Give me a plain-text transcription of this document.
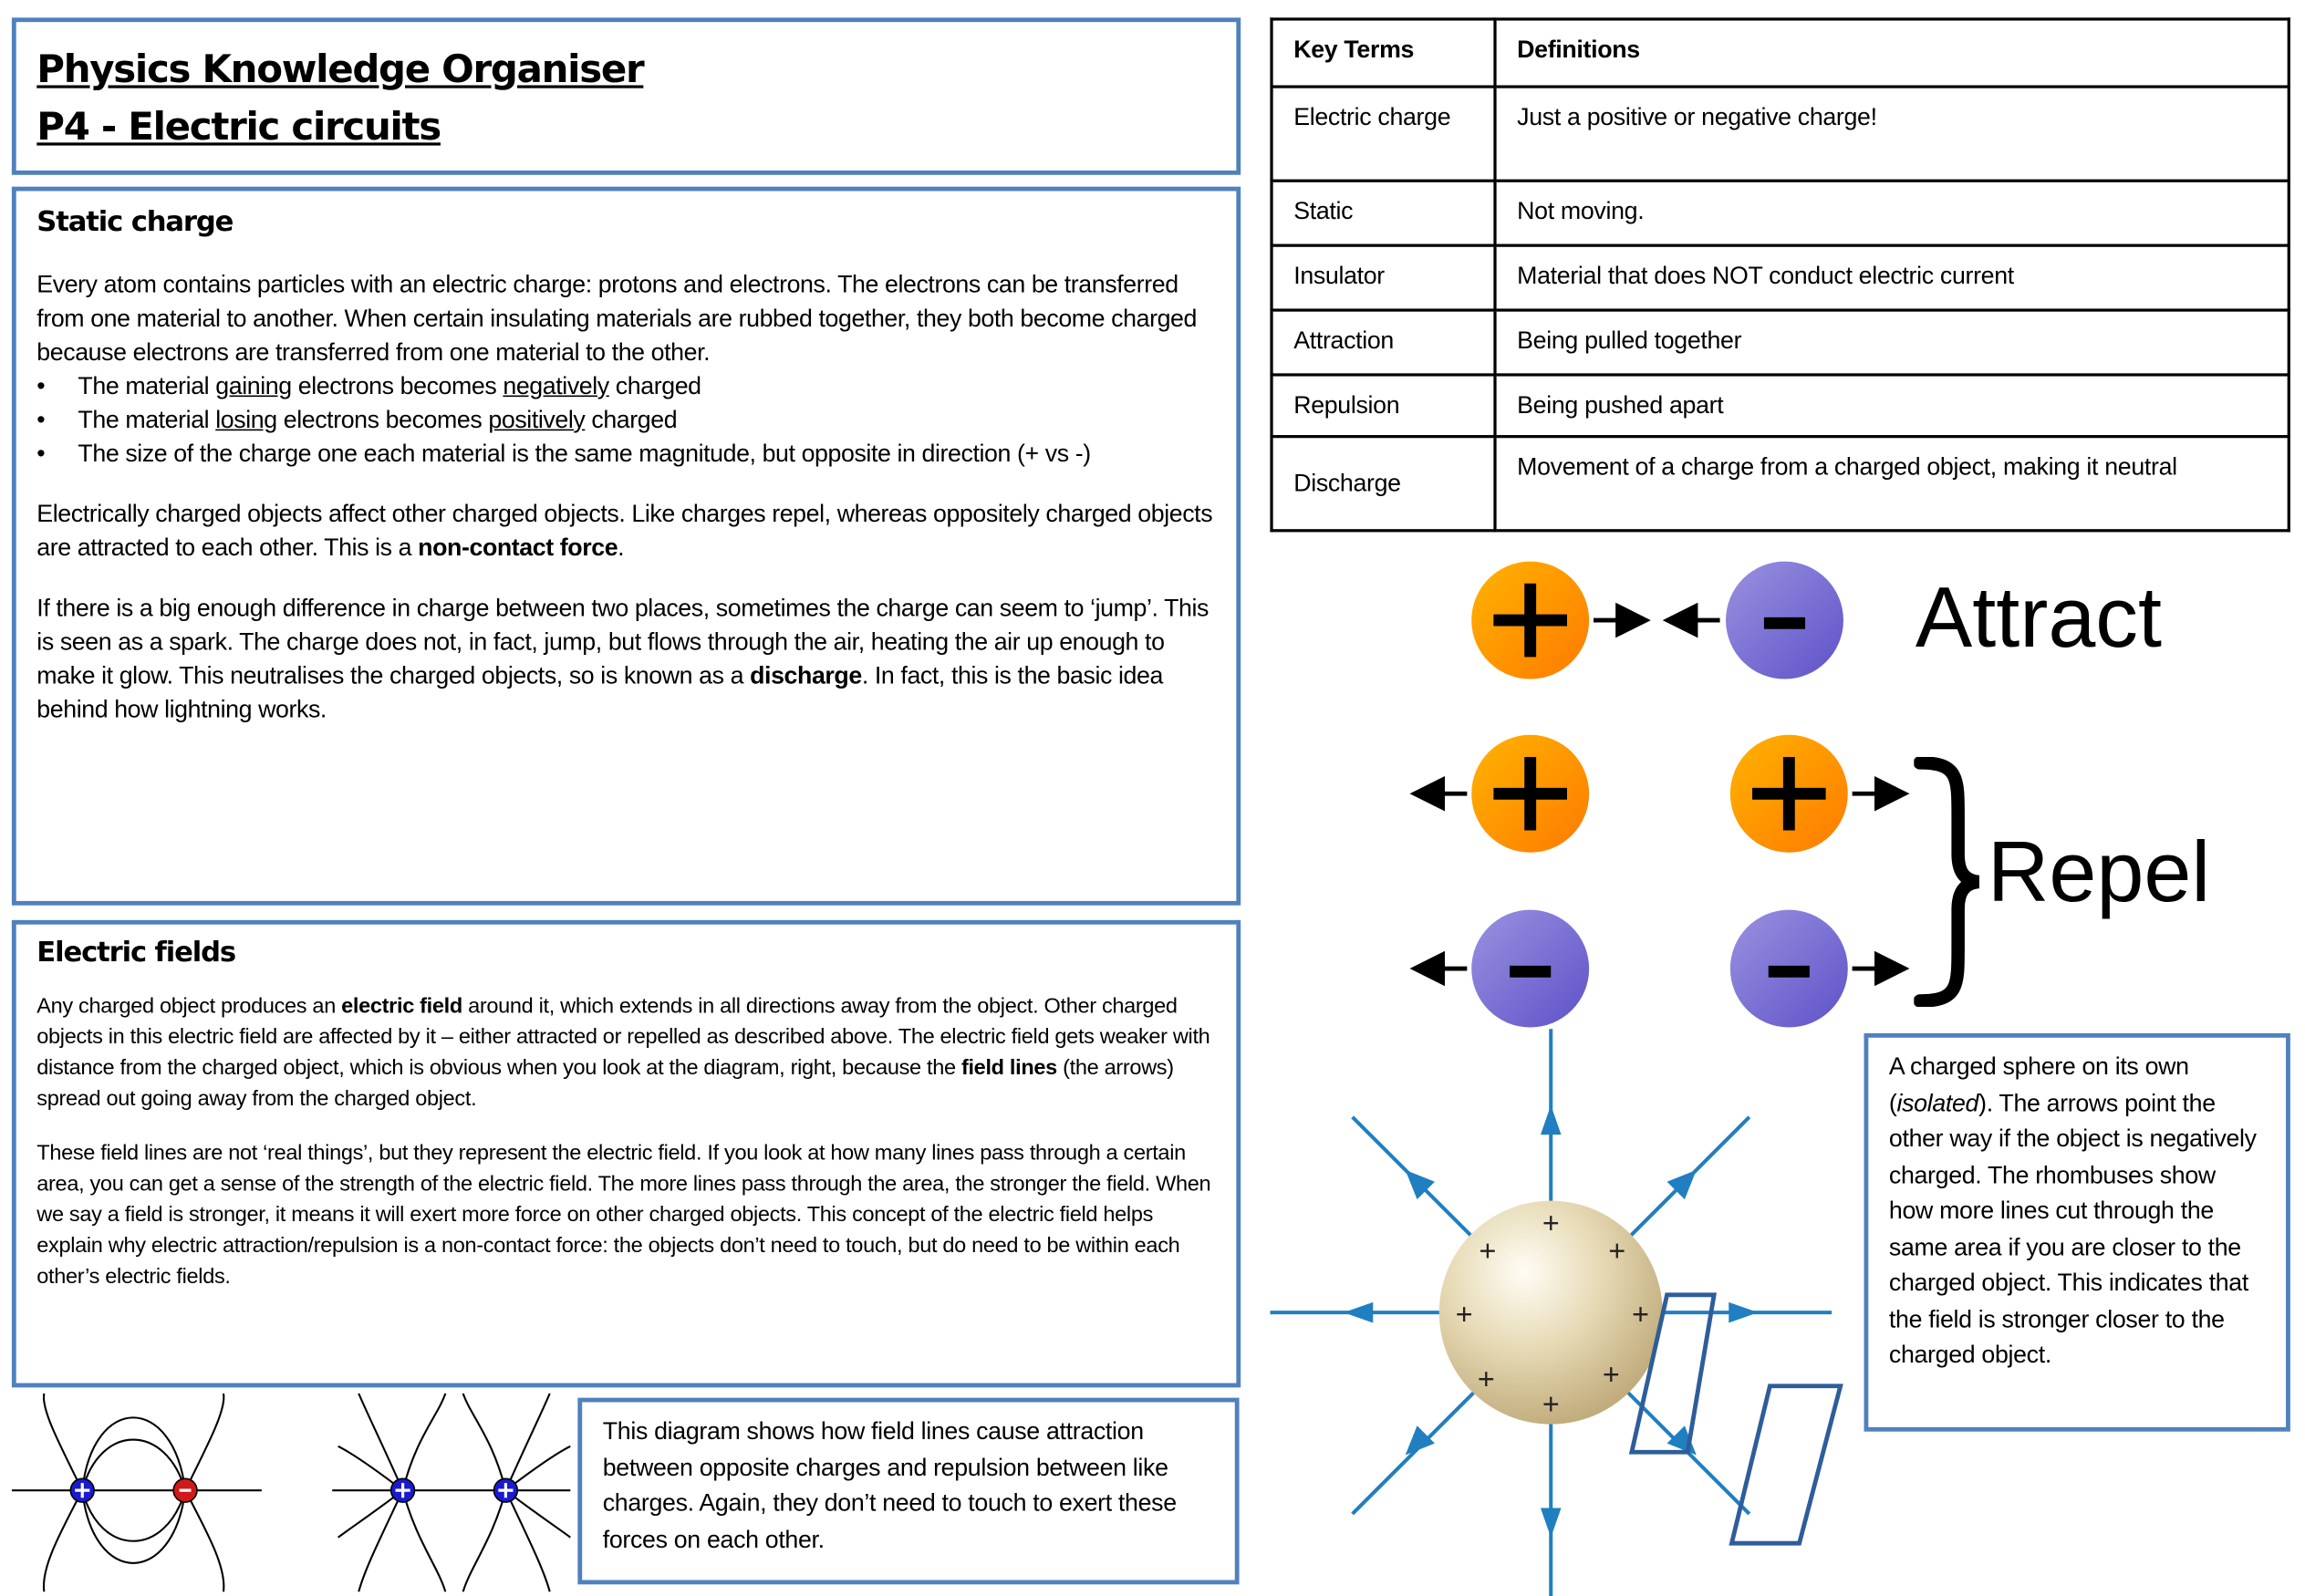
Physics Knowledge Organiser
P4 - Electric circuits
Static charge

Every atom contains particles with an electric charge: protons and electrons. The electrons can be transferred from one material to another. When certain insulating materials are rubbed together, they both become charged because electrons are transferred from one material to the other.

• The material gaining electrons becomes negatively charged
• The material losing electrons becomes positively charged
• The size of the charge one each material is the same magnitude, but opposite in direction (+ vs -)

Electrically charged objects affect other charged objects. Like charges repel, whereas oppositely charged objects are attracted to each other. This is a non-contact force.

If there is a big enough difference in charge between two places, sometimes the charge can seem to ‘jump’. This is seen as a spark. The charge does not, in fact, jump, but flows through the air, heating the air up enough to make it glow. This neutralises the charged objects, so is known as a discharge. In fact, this is the basic idea behind how lightning works.

Electric fields

Any charged object produces an electric field around it, which extends in all directions away from the object. Other charged objects in this electric field are affected by it – either attracted or repelled as described above. The electric field gets weaker with distance from the charged object, which is obvious when you look at the diagram, right, because the field lines (the arrows) spread out going away from the charged object.

These field lines are not ‘real things’, but they represent the electric field. If you look at how many lines pass through a certain area, you can get a sense of the strength of the electric field. The more lines pass through the area, the stronger the field. When we say a field is stronger, it means it will exert more force on other charged objects. This concept of the electric field helps explain why electric attraction/repulsion is a non-contact force: the objects don’t need to touch, but do need to be within each other’s electric fields.

This diagram shows how field lines cause attraction between opposite charges and repulsion between like charges. Again, they don’t need to touch to exert these forces on each other.
Key Terms	Definitions
Electric charge	Just a positive or negative charge!
Static	Not moving.
Insulator	Material that does NOT conduct electric current
Attraction	Being pulled together
Repulsion	Being pushed apart
Discharge	Movement of a charge from a charged object, making it neutral
Attract
Repel
+
+	+
+	+
+	+
+
A charged sphere on its own (isolated). The arrows point the other way if the object is negatively charged. The rhombuses show how more lines cut through the same area if you are closer to the charged object. This indicates that the field is stronger closer to the charged object.
